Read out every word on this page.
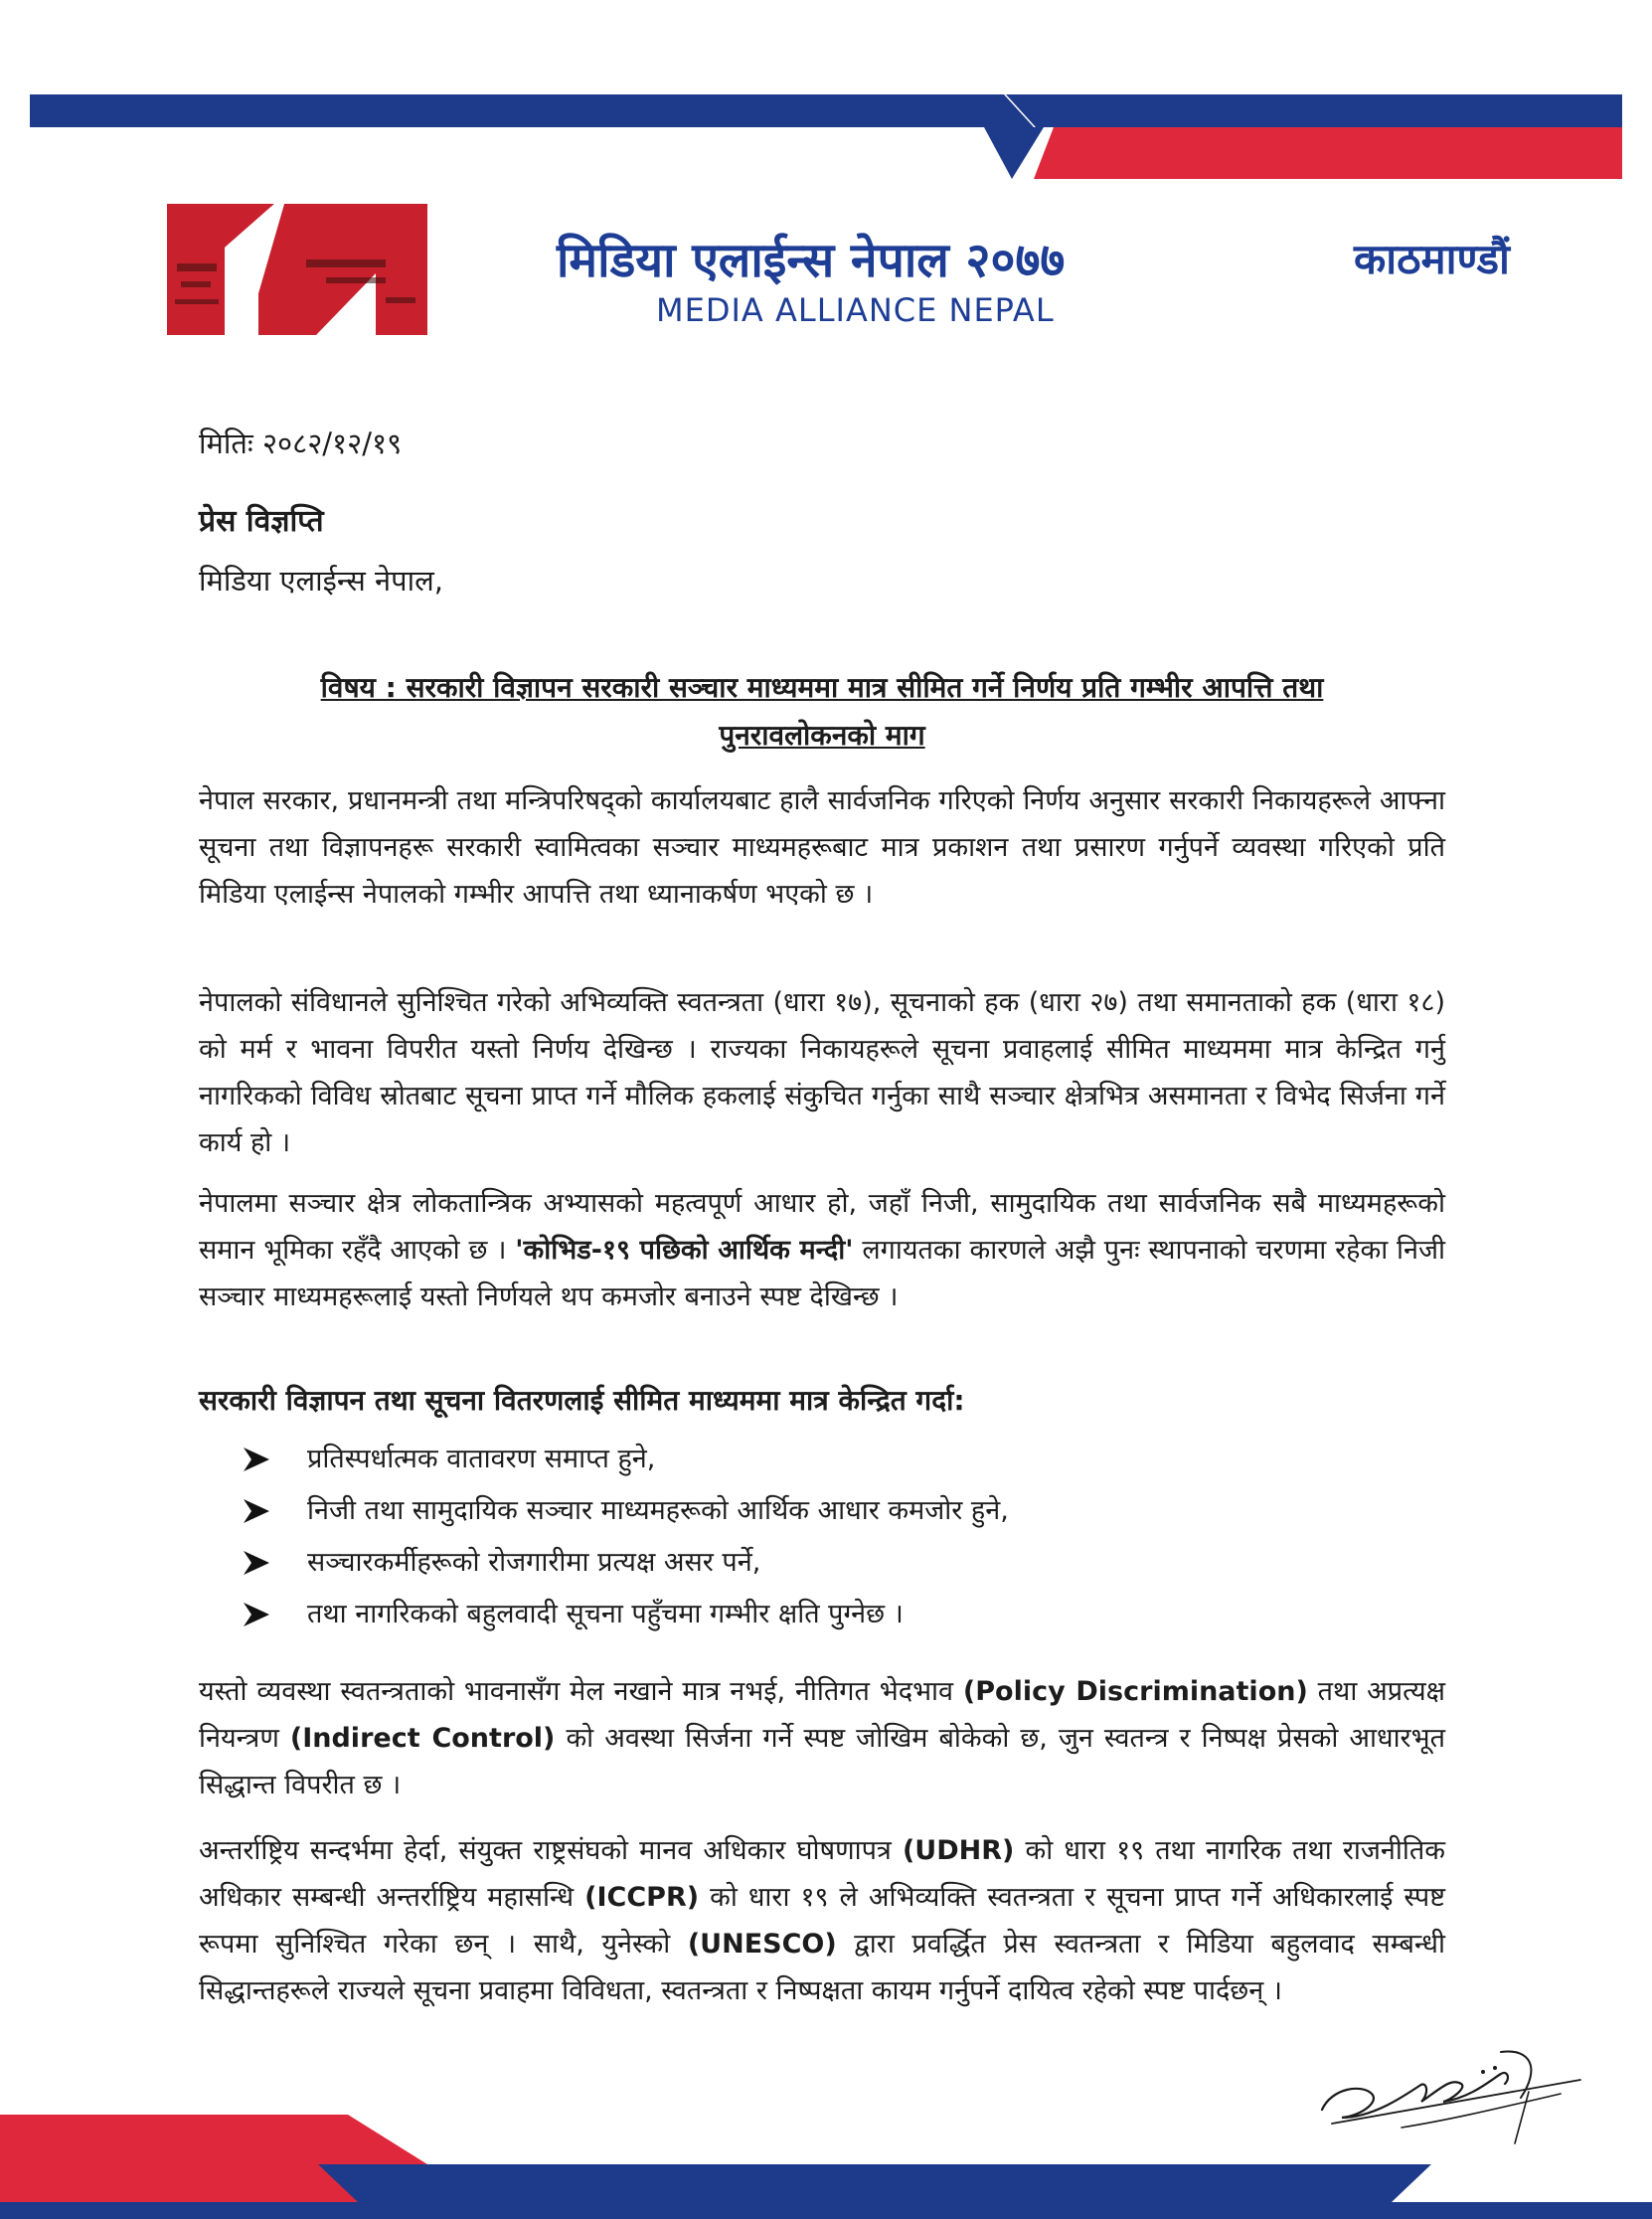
मिडिया एलाईन्स नेपाल २०७७
MEDIA ALLIANCE NEPAL
काठमाण्डौं
मितिः २०८२/१२/१९
प्रेस विज्ञप्ति
मिडिया एलाईन्स नेपाल,
विषय : सरकारी विज्ञापन सरकारी सञ्चार माध्यममा मात्र सीमित गर्ने निर्णय प्रति गम्भीर आपत्ति तथा
पुनरावलोकनको माग
नेपाल सरकार, प्रधानमन्त्री तथा मन्त्रिपरिषद्को कार्यालयबाट हालै सार्वजनिक गरिएको निर्णय अनुसार सरकारी निकायहरूले आफ्ना सूचना तथा विज्ञापनहरू सरकारी स्वामित्वका सञ्चार माध्यमहरूबाट मात्र प्रकाशन तथा प्रसारण गर्नुपर्ने व्यवस्था गरिएको प्रति मिडिया एलाईन्स नेपालको गम्भीर आपत्ति तथा ध्यानाकर्षण भएको छ ।
नेपालको संविधानले सुनिश्चित गरेको अभिव्यक्ति स्वतन्त्रता (धारा १७), सूचनाको हक (धारा २७) तथा समानताको हक (धारा १८) को मर्म र भावना विपरीत यस्तो निर्णय देखिन्छ । राज्यका निकायहरूले सूचना प्रवाहलाई सीमित माध्यममा मात्र केन्द्रित गर्नु नागरिकको विविध स्रोतबाट सूचना प्राप्त गर्ने मौलिक हकलाई संकुचित गर्नुका साथै सञ्चार क्षेत्रभित्र असमानता र विभेद सिर्जना गर्ने कार्य हो ।
नेपालमा सञ्चार क्षेत्र लोकतान्त्रिक अभ्यासको महत्वपूर्ण आधार हो, जहाँ निजी, सामुदायिक तथा सार्वजनिक सबै माध्यमहरूको समान भूमिका रहँदै आएको छ । 'कोभिड-१९ पछिको आर्थिक मन्दी' लगायतका कारणले अझै पुनः स्थापनाको चरणमा रहेका निजी सञ्चार माध्यमहरूलाई यस्तो निर्णयले थप कमजोर बनाउने स्पष्ट देखिन्छ ।
सरकारी विज्ञापन तथा सूचना वितरणलाई सीमित माध्यममा मात्र केन्द्रित गर्दा:
प्रतिस्पर्धात्मक वातावरण समाप्त हुने,
निजी तथा सामुदायिक सञ्चार माध्यमहरूको आर्थिक आधार कमजोर हुने,
सञ्चारकर्मीहरूको रोजगारीमा प्रत्यक्ष असर पर्ने,
तथा नागरिकको बहुलवादी सूचना पहुँचमा गम्भीर क्षति पुग्नेछ ।
यस्तो व्यवस्था स्वतन्त्रताको भावनासँग मेल नखाने मात्र नभई, नीतिगत भेदभाव (Policy Discrimination) तथा अप्रत्यक्ष नियन्त्रण (Indirect Control) को अवस्था सिर्जना गर्ने स्पष्ट जोखिम बोकेको छ, जुन स्वतन्त्र र निष्पक्ष प्रेसको आधारभूत सिद्धान्त विपरीत छ ।
अन्तर्राष्ट्रिय सन्दर्भमा हेर्दा, संयुक्त राष्ट्रसंघको मानव अधिकार घोषणापत्र (UDHR) को धारा १९ तथा नागरिक तथा राजनीतिक अधिकार सम्बन्धी अन्तर्राष्ट्रिय महासन्धि (ICCPR) को धारा १९ ले अभिव्यक्ति स्वतन्त्रता र सूचना प्राप्त गर्ने अधिकारलाई स्पष्ट रूपमा सुनिश्चित गरेका छन् । साथै, युनेस्को (UNESCO) द्वारा प्रवर्द्धित प्रेस स्वतन्त्रता र मिडिया बहुलवाद सम्बन्धी सिद्धान्तहरूले राज्यले सूचना प्रवाहमा विविधता, स्वतन्त्रता र निष्पक्षता कायम गर्नुपर्ने दायित्व रहेको स्पष्ट पार्दछन् ।
